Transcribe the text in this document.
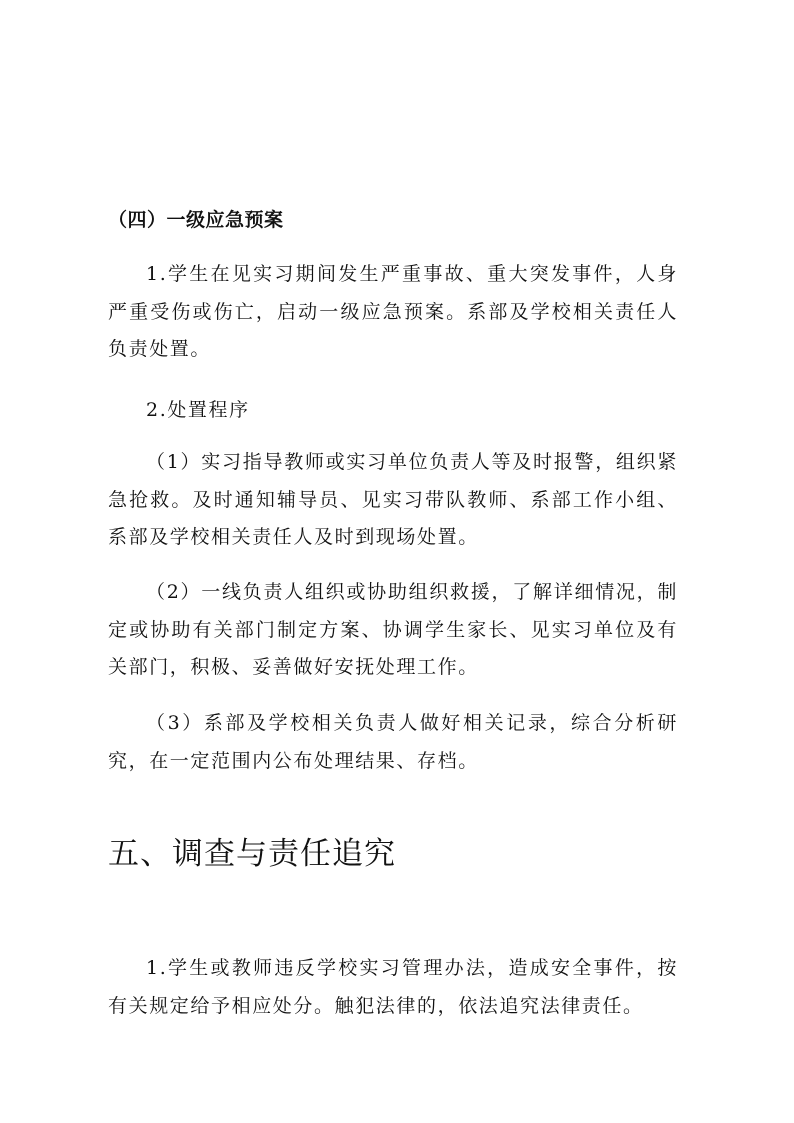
（四）一级应急预案

1.学生在见实习期间发生严重事故、重大突发事件，人身严重受伤或伤亡，启动一级应急预案。系部及学校相关责任人负责处置。

2.处置程序

（1）实习指导教师或实习单位负责人等及时报警，组织紧急抢救。及时通知辅导员、见实习带队教师、系部工作小组、系部及学校相关责任人及时到现场处置。

（2）一线负责人组织或协助组织救援，了解详细情况，制定或协助有关部门制定方案、协调学生家长、见实习单位及有关部门，积极、妥善做好安抚处理工作。

（3）系部及学校相关负责人做好相关记录，综合分析研究，在一定范围内公布处理结果、存档。

五、调查与责任追究

1.学生或教师违反学校实习管理办法，造成安全事件，按有关规定给予相应处分。触犯法律的，依法追究法律责任。
